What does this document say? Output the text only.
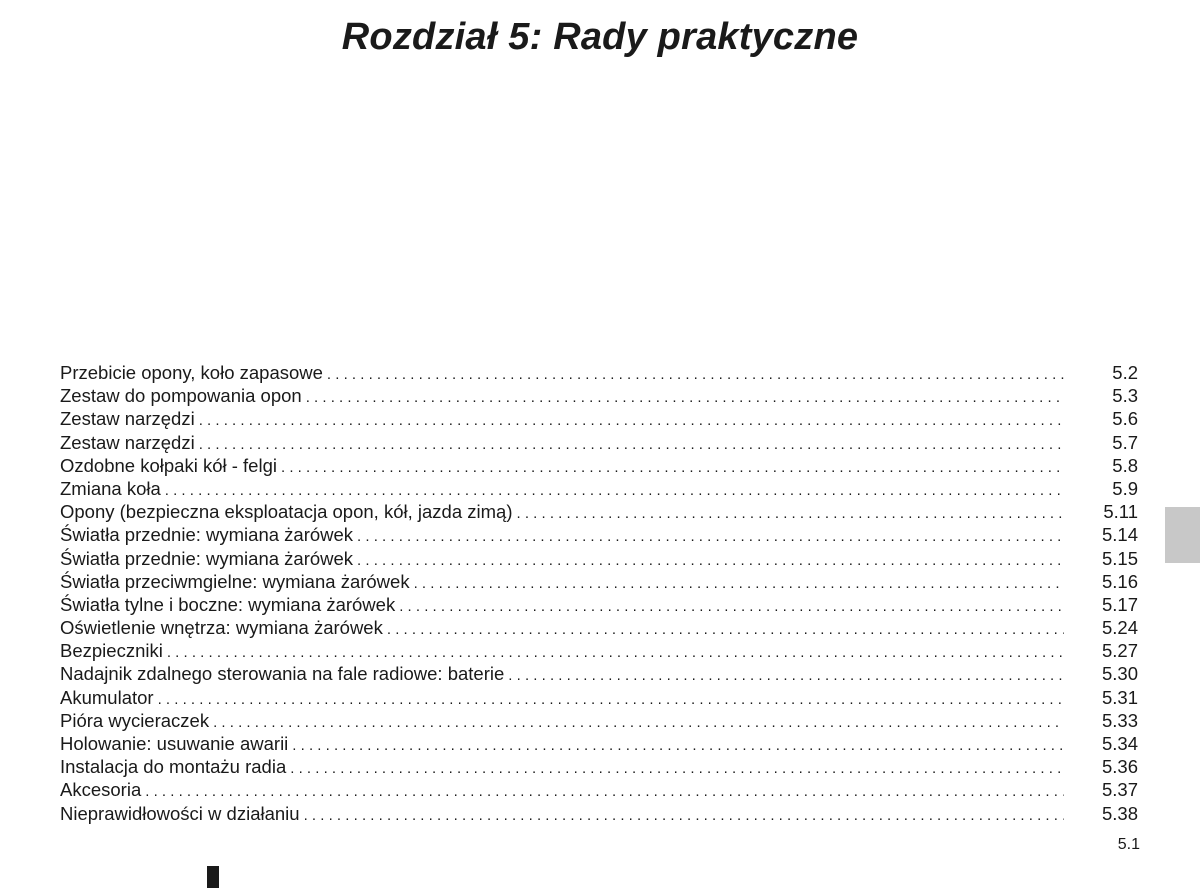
Rozdział 5: Rady praktyczne
Przebicie opony, koło zapasowe . . .	5.2
Zestaw do pompowania opon . . .	5.3
Zestaw narzędzi . . .	5.6
Zestaw narzędzi . . .	5.7
Ozdobne kołpaki kół - felgi . . .	5.8
Zmiana koła . . .	5.9
Opony (bezpieczna eksploatacja opon, kół, jazda zimą) . . .	5.11
Światła przednie: wymiana żarówek . . .	5.14
Światła przednie: wymiana żarówek . . .	5.15
Światła przeciwmgielne: wymiana żarówek . . .	5.16
Światła tylne i boczne: wymiana żarówek . . .	5.17
Oświetlenie wnętrza: wymiana żarówek . . .	5.24
Bezpieczniki . . .	5.27
Nadajnik zdalnego sterowania na fale radiowe: baterie . . .	5.30
Akumulator . . .	5.31
Pióra wycieraczek . . .	5.33
Holowanie: usuwanie awarii . . .	5.34
Instalacja do montażu radia . . .	5.36
Akcesoria . . .	5.37
Nieprawidłowości w działaniu . . .	5.38
5.1
